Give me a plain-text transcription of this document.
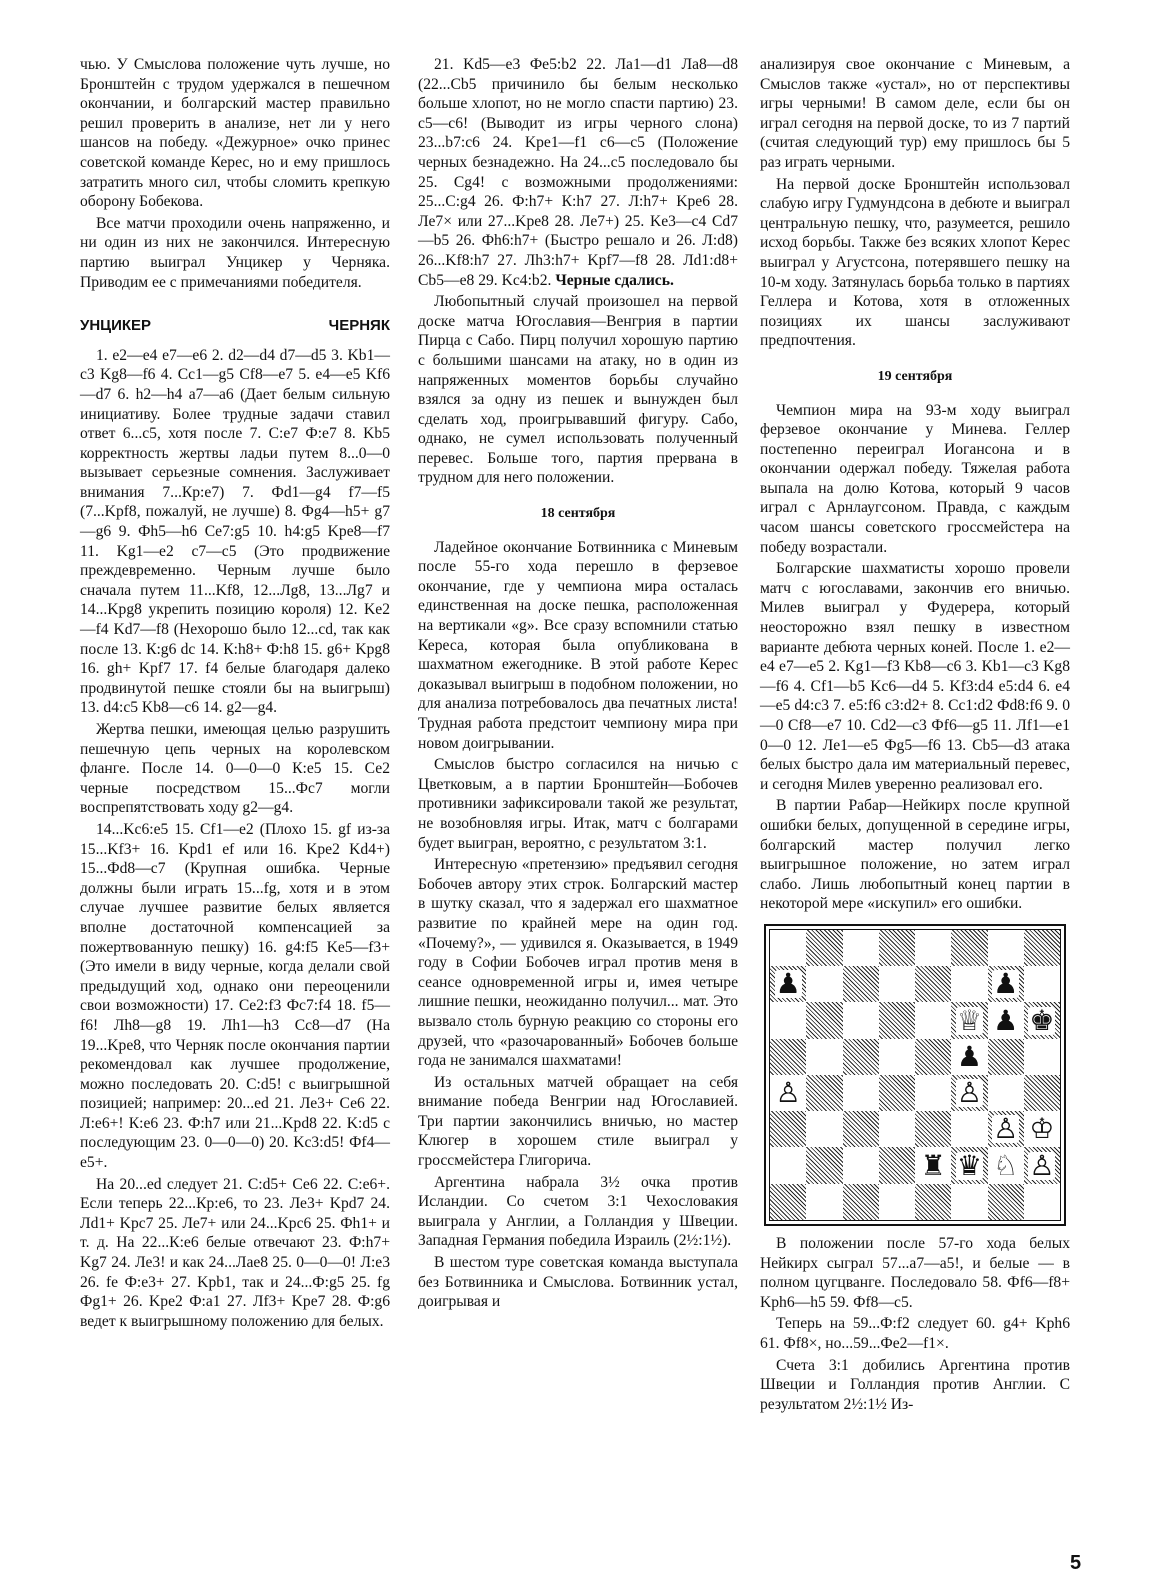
чью. У Смыслова положение чуть лучше, но Бронштейн с трудом удержался в пешечном окончании, и болгарский мастер правильно решил проверить в анализе, нет ли у него шансов на победу. «Дежурное» очко принес советской команде Керес, но и ему пришлось затратить много сил, чтобы сломить крепкую оборону Бобекова.

Все матчи проходили очень напряженно, и ни один из них не закончился. Интересную партию выиграл Унцикер у Черняка. Приводим ее с примечаниями победителя.

УНЦИКЕР	ЧЕРНЯК

1. e2—e4 e7—e6 2. d2—d4 d7—d5 3. Kb1—c3 Kg8—f6 4. Cc1—g5 Cf8—e7 5. e4—e5 Kf6—d7 6. h2—h4 a7—a6 (Дает белым сильную инициативу. Более трудные задачи ставил ответ 6...c5, хотя после 7. С:e7 Ф:e7 8. Kb5 корректность жертвы ладьи путем 8...0—0 вызывает серьезные сомнения. Заслуживает внимания 7...Кр:e7) 7. Фd1—g4 f7—f5 (7...Kpf8, пожалуй, не лучше) 8. Фg4—h5+ g7—g6 9. Фh5—h6 Ce7:g5 10. h4:g5 Kpe8—f7 11. Kg1—e2 c7—c5 (Это продвижение преждевременно. Черным лучше было сначала путем 11...Kf8, 12...Лg8, 13...Лg7 и 14...Kpg8 укрепить позицию короля) 12. Ke2—f4 Kd7—f8 (Нехорошо было 12...cd, так как после 13. К:g6 dc 14. К:h8+ Ф:h8 15. g6+ Kpg8 16. gh+ Kpf7 17. f4 белые благодаря далеко продвинутой пешке стояли бы на выигрыш) 13. d4:c5 Kb8—c6 14. g2—g4.

Жертва пешки, имеющая целью разрушить пешечную цепь черных на королевском фланге. После 14. 0—0—0 К:e5 15. Се2 черные посредством 15...Фc7 могли воспрепятствовать ходу g2—g4.

14...Kc6:e5 15. Cf1—e2 (Плохо 15. gf из-за 15...Kf3+ 16. Kpd1 ef или 16. Kpe2 Kd4+) 15...Фd8—c7 (Крупная ошибка. Черные должны были играть 15...fg, хотя и в этом случае лучшее развитие белых является вполне достаточной компенсацией за пожертвованную пешку) 16. g4:f5 Ke5—f3+ (Это имели в виду черные, когда делали свой предыдущий ход, однако они переоценили свои возможности) 17. Ce2:f3 Фc7:f4 18. f5—f6! Лh8—g8 19. Лh1—h3 Cc8—d7 (На 19...Kpe8, что Черняк после окончания партии рекомендовал как лучшее продолжение, можно последовать 20. С:d5! с выигрышной позицией; например: 20...ed 21. Ле3+ Се6 22. Л:e6+! К:e6 23. Ф:h7 или 21...Kpd8 22. K:d5 с последующим 23. 0—0—0) 20. Kc3:d5! Фf4—e5+.

На 20...ed следует 21. С:d5+ Се6 22. С:e6+. Если теперь 22...Кр:e6, то 23. Ле3+ Kpd7 24. Лd1+ Kpc7 25. Ле7+ или 24...Kpc6 25. Фh1+ и т. д. На 22...К:e6 белые отвечают 23. Ф:h7+ Kg7 24. Ле3! и как 24...Лae8 25. 0—0—0! Л:e3 26. fe Ф:e3+ 27. Kpb1, так и 24...Ф:g5 25. fg Фg1+ 26. Kpe2 Ф:a1 27. Лf3+ Kpe7 28. Ф:g6 ведет к выигрышному положению для белых.

21. Kd5—e3 Фe5:b2 22. Лa1—d1 Лa8—d8 (22...Cb5 причинило бы белым несколько больше хлопот, но не могло спасти партию) 23. c5—c6! (Выводит из игры черного слона) 23...b7:c6 24. Kpe1—f1 c6—c5 (Положение черных безнадежно. На 24...c5 последовало бы 25. Cg4! с возможными продолжениями: 25...С:g4 26. Ф:h7+ К:h7 27. Л:h7+ Kpe6 28. Ле7× или 27...Kpe8 28. Ле7+) 25. Ke3—c4 Cd7—b5 26. Фh6:h7+ (Быстро решало и 26. Л:d8) 26...Kf8:h7 27. Лh3:h7+ Kpf7—f8 28. Лd1:d8+ Cb5—e8 29. Kc4:b2. Черные сдались.

Любопытный случай произошел на первой доске матча Югославия—Венгрия в партии Пирца с Сабо. Пирц получил хорошую партию с большими шансами на атаку, но в один из напряженных моментов борьбы случайно взялся за одну из пешек и вынужден был сделать ход, проигрывавший фигуру. Сабо, однако, не сумел использовать полученный перевес. Больше того, партия прервана в трудном для него положении.

18 сентября

Ладейное окончание Ботвинника с Миневым после 55-го хода перешло в ферзевое окончание, где у чемпиона мира осталась единственная на доске пешка, расположенная на вертикали «g». Все сразу вспомнили статью Кереса, которая была опубликована в шахматном ежегоднике. В этой работе Керес доказывал выигрыш в подобном положении, но для анализа потребовалось два печатных листа! Трудная работа предстоит чемпиону мира при новом доигрывании.

Смыслов быстро согласился на ничью с Цветковым, а в партии Бронштейн—Бобочев противники зафиксировали такой же результат, не возобновляя игры. Итак, матч с болгарами будет выигран, вероятно, с результатом 3:1.

Интересную «претензию» предъявил сегодня Бобочев автору этих строк. Болгарский мастер в шутку сказал, что я задержал его шахматное развитие по крайней мере на один год. «Почему?», — удивился я. Оказывается, в 1949 году в Софии Бобочев играл против меня в сеансе одновременной игры и, имея четыре лишние пешки, неожиданно получил... мат. Это вызвало столь бурную реакцию со стороны его друзей, что «разочарованный» Бобочев больше года не занимался шахматами!

Из остальных матчей обращает на себя внимание победа Венгрии над Югославией. Три партии закончились вничью, но мастер Клюгер в хорошем стиле выиграл у гроссмейстера Глигорича.

Аргентина набрала 3½ очка против Исландии. Со счетом 3:1 Чехословакия выиграла у Англии, а Голландия у Швеции. Западная Германия победила Израиль (2½:1½).

В шестом туре советская команда выступала без Ботвинника и Смыслова. Ботвинник устал, доигрывая и

анализируя свое окончание с Миневым, а Смыслов также «устал», но от перспективы игры черными! В самом деле, если бы он играл сегодня на первой доске, то из 7 партий (считая следующий тур) ему пришлось бы 5 раз играть черными.

На первой доске Бронштейн использовал слабую игру Гудмундсона в дебюте и выиграл центральную пешку, что, разумеется, решило исход борьбы. Также без всяких хлопот Керес выиграл у Агустсона, потерявшего пешку на 10-м ходу. Затянулась борьба только в партиях Геллера и Котова, хотя в отложенных позициях их шансы заслуживают предпочтения.

19 сентября

Чемпион мира на 93-м ходу выиграл ферзевое окончание у Минева. Геллер постепенно переиграл Иогансона и в окончании одержал победу. Тяжелая работа выпала на долю Котова, который 9 часов играл с Арнлаугсоном. Правда, с каждым часом шансы советского гроссмейстера на победу возрастали.

Болгарские шахматисты хорошо провели матч с югославами, закончив его вничью. Милев выиграл у Фудерера, который неосторожно взял пешку в известном варианте дебюта черных коней. После 1. e2—e4 e7—e5 2. Kg1—f3 Kb8—c6 3. Kb1—c3 Kg8—f6 4. Cf1—b5 Kc6—d4 5. Kf3:d4 e5:d4 6. e4—e5 d4:c3 7. e5:f6 c3:d2+ 8. Cc1:d2 Фd8:f6 9. 0—0 Cf8—e7 10. Cd2—c3 Фf6—g5 11. Лf1—e1 0—0 12. Лe1—e5 Фg5—f6 13. Cb5—d3 атака белых быстро дала им материальный перевес, и сегодня Милев уверенно реализовал его.

В партии Рабар—Нейкирх после крупной ошибки белых, допущенной в середине игры, болгарский мастер получил легко выигрышное положение, но затем играл слабо. Лишь любопытный конец партии в некоторой мере «искупил» его ошибки.

♟	♟
♕ ♟ ♚
♟
♙	♙
♙ ♔
♜ ♛ ♘ ♙

В положении после 57-го хода белых Нейкирх сыграл 57...a7—a5!, и белые — в полном цугцванге. Последовало 58. Фf6—f8+ Kph6—h5 59. Фf8—c5.

Теперь на 59...Ф:f2 следует 60. g4+ Kph6 61. Фf8×, но...59...Фe2—f1×.

Счета 3:1 добились Аргентина против Швеции и Голландия против Англии. С результатом 2½:1½ Из-

5
